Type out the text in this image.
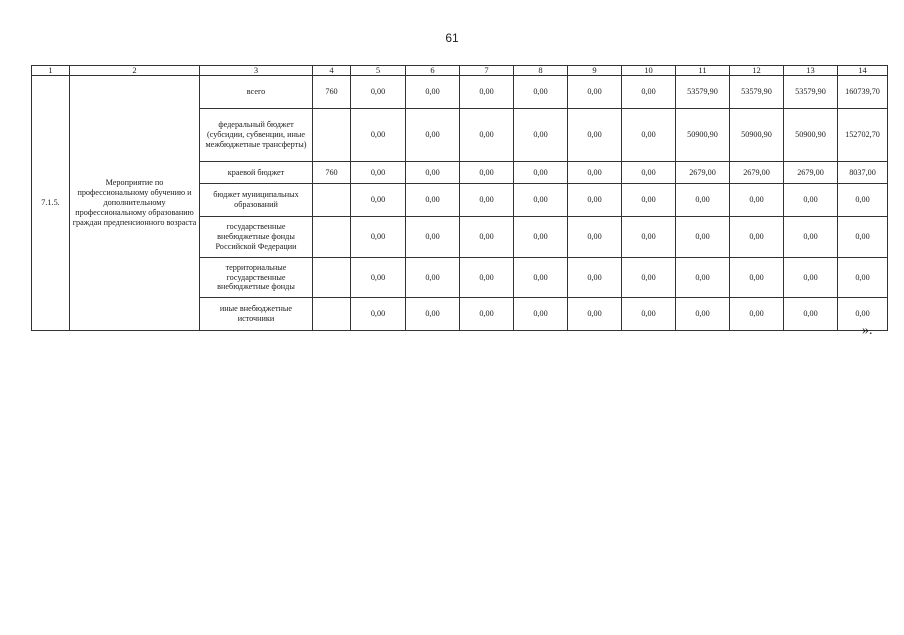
61
1	2	3	4	5	6	7	8	9	10	11	12	13	14
7.1.5.	Мероприятие по профессиональному обучению и дополнительному профессиональному образованию граждан предпенсионного возраста	всего	760	0,00	0,00	0,00	0,00	0,00	0,00	53579,90	53579,90	53579,90	160739,70
		федеральный бюджет (субсидии, субвенции, иные межбюджетные трансферты)		0,00	0,00	0,00	0,00	0,00	0,00	50900,90	50900,90	50900,90	152702,70
		краевой бюджет	760	0,00	0,00	0,00	0,00	0,00	0,00	2679,00	2679,00	2679,00	8037,00
		бюджет муниципальных образований		0,00	0,00	0,00	0,00	0,00	0,00	0,00	0,00	0,00	0,00
		государственные внебюджетные фонды Российской Федерации		0,00	0,00	0,00	0,00	0,00	0,00	0,00	0,00	0,00	0,00
		территориальные государственные внебюджетные фонды		0,00	0,00	0,00	0,00	0,00	0,00	0,00	0,00	0,00	0,00
		иные внебюджетные источники		0,00	0,00	0,00	0,00	0,00	0,00	0,00	0,00	0,00	0,00
».
